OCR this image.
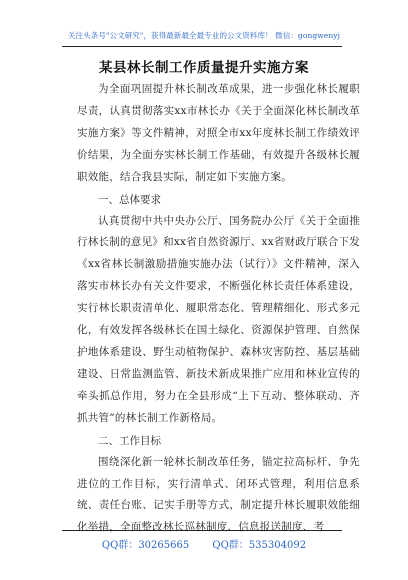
关注头条号"公文研究"，获得最新最全最专业的公文资料库！ 微信：gongwenyj
某县林长制工作质量提升实施方案

为全面巩固提升林长制改革成果，进一步强化林长履职尽责，认真贯彻落实xx市林长办《关于全面深化林长制改革实施方案》等文件精神，对照全市xx年度林长制工作绩效评价结果，为全面夯实林长制工作基础，有效提升各级林长履职效能，结合我县实际，制定如下实施方案。

一、总体要求

认真贯彻中共中央办公厅、国务院办公厅《关于全面推行林长制的意见》和xx省自然资源厅、xx省财政厅联合下发《xx省林长制激励措施实施办法（试行）》文件精神，深入落实市林长办有关文件要求，不断强化林长责任体系建设，实行林长职责清单化、履职常态化、管理精细化、形式多元化，有效发挥各级林长在国土绿化、资源保护管理、自然保护地体系建设、野生动植物保护、森林灾害防控、基层基础建设、日常监测监管、新技术新成果推广应用和林业宣传的牵头抓总作用，努力在全县形成“上下互动、整体联动、齐抓共管”的林长制工作新格局。

二、工作目标

围绕深化新一轮林长制改革任务，锚定拉高标杆、争先进位的工作目标，实行清单式、闭环式管理，利用信息系统、责任台账、记实手册等方式，制定提升林长履职效能细化举措，全面整改林长巡林制度、信息报送制度、考

QQ群：30265665 QQ群：535304092
